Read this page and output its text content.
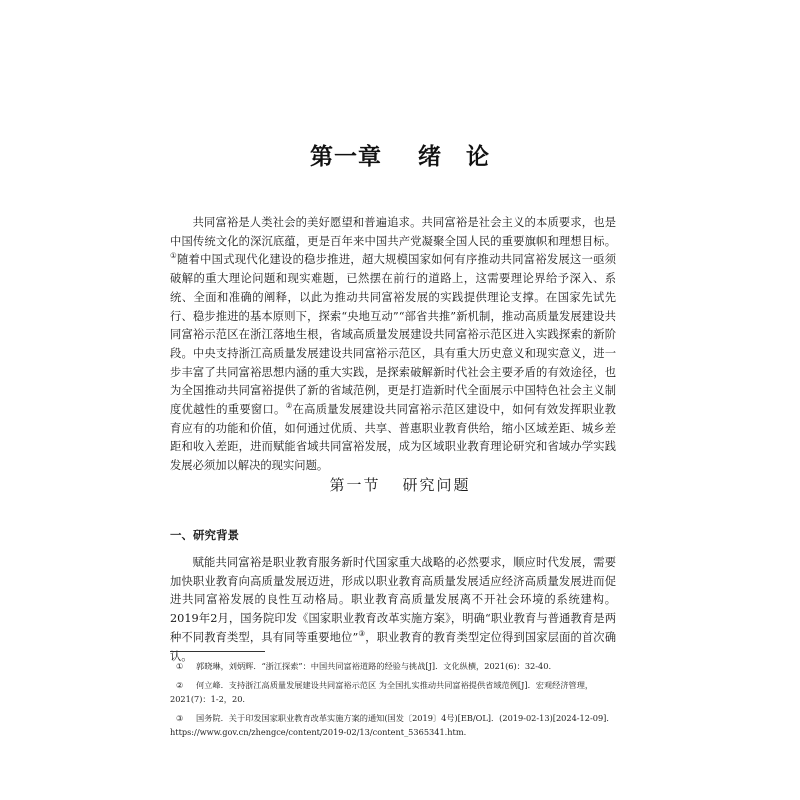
第一章 绪　论

共同富裕是人类社会的美好愿望和普遍追求。共同富裕是社会主义的本质要求，也是中国传统文化的深沉底蕴，更是百年来中国共产党凝聚全国人民的重要旗帜和理想目标。①随着中国式现代化建设的稳步推进，超大规模国家如何有序推动共同富裕发展这一亟须破解的重大理论问题和现实难题，已然摆在前行的道路上，这需要理论界给予深入、系统、全面和准确的阐释，以此为推动共同富裕发展的实践提供理论支撑。在国家先试先行、稳步推进的基本原则下，探索“央地互动”“部省共推”新机制，推动高质量发展建设共同富裕示范区在浙江落地生根，省域高质量发展建设共同富裕示范区进入实践探索的新阶段。中央支持浙江高质量发展建设共同富裕示范区，具有重大历史意义和现实意义，进一步丰富了共同富裕思想内涵的重大实践，是探索破解新时代社会主要矛盾的有效途径，也为全国推动共同富裕提供了新的省域范例，更是打造新时代全面展示中国特色社会主义制度优越性的重要窗口。②在高质量发展建设共同富裕示范区建设中，如何有效发挥职业教育应有的功能和价值，如何通过优质、共享、普惠职业教育供给，缩小区域差距、城乡差距和收入差距，进而赋能省域共同富裕发展，成为区域职业教育理论研究和省域办学实践发展必须加以解决的现实问题。

第一节 研究问题
一、研究背景

赋能共同富裕是职业教育服务新时代国家重大战略的必然要求，顺应时代发展，需要加快职业教育向高质量发展迈进，形成以职业教育高质量发展适应经济高质量发展进而促进共同富裕发展的良性互动格局。职业教育高质量发展离不开社会环境的系统建构。2019年2月，国务院印发《国家职业教育改革实施方案》，明确“职业教育与普通教育是两种不同教育类型，具有同等重要地位”③，职业教育的教育类型定位得到国家层面的首次确认。

① 郭晓琳，刘炳辉．“浙江探索”：中国共同富裕道路的经验与挑战[J]．文化纵横，2021(6)：32-40.
② 何立峰．支持浙江高质量发展建设共同富裕示范区 为全国扎实推动共同富裕提供省域范例[J]．宏观经济管理，2021(7)：1-2，20.
③ 国务院．关于印发国家职业教育改革实施方案的通知(国发〔2019〕4号)[EB/OL]．(2019-02-13)[2024-12-09]．https://www.gov.cn/zhengce/content/2019-02/13/content_5365341.htm.
